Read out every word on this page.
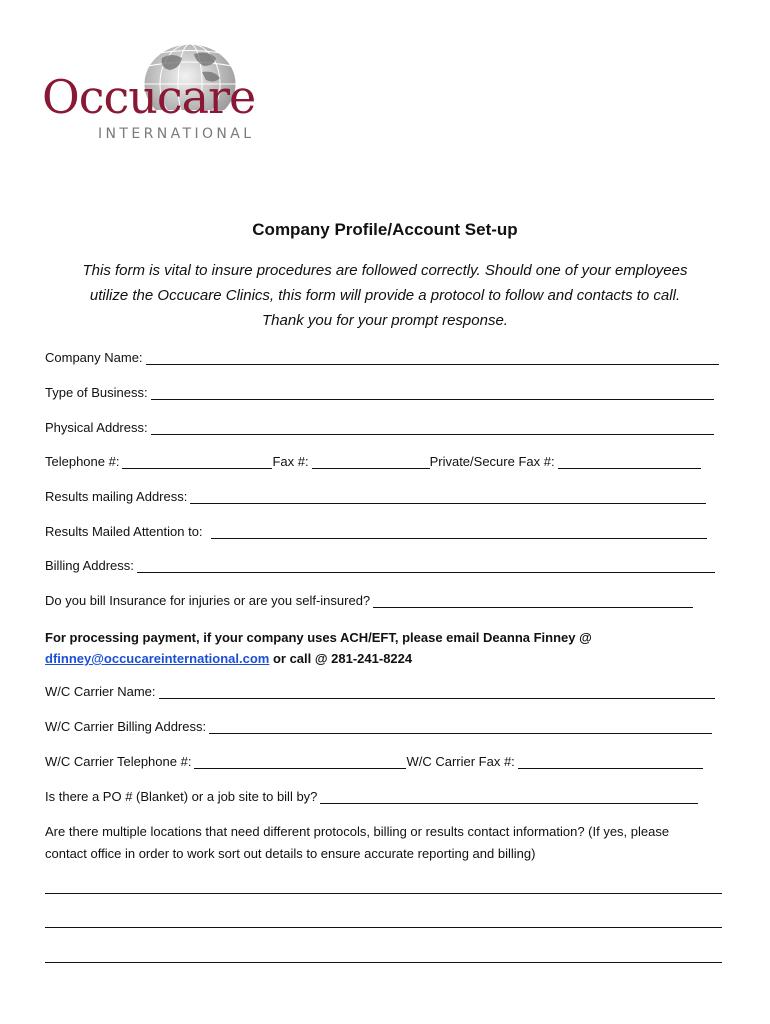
Occucare
INTERNATIONAL
Company Profile/Account Set-up
This form is vital to insure procedures are followed correctly. Should one of your employees
utilize the Occucare Clinics, this form will provide a protocol to follow and contacts to call.
Thank you for your prompt response.
Company Name:
Type of Business:
Physical Address:
Telephone #:	Fax #:	Private/Secure Fax #:
Results mailing Address:
Results Mailed Attention to:
Billing Address:
Do you bill Insurance for injuries or are you self-insured?
For processing payment, if your company uses ACH/EFT, please email Deanna Finney @
dfinney@occucareinternational.com or call @ 281-241-8224
W/C Carrier Name:
W/C Carrier Billing Address:
W/C Carrier Telephone #:	W/C Carrier Fax #:
Is there a PO # (Blanket) or a job site to bill by?
Are there multiple locations that need different protocols, billing or results contact information? (If yes, please
contact office in order to work sort out details to ensure accurate reporting and billing)
